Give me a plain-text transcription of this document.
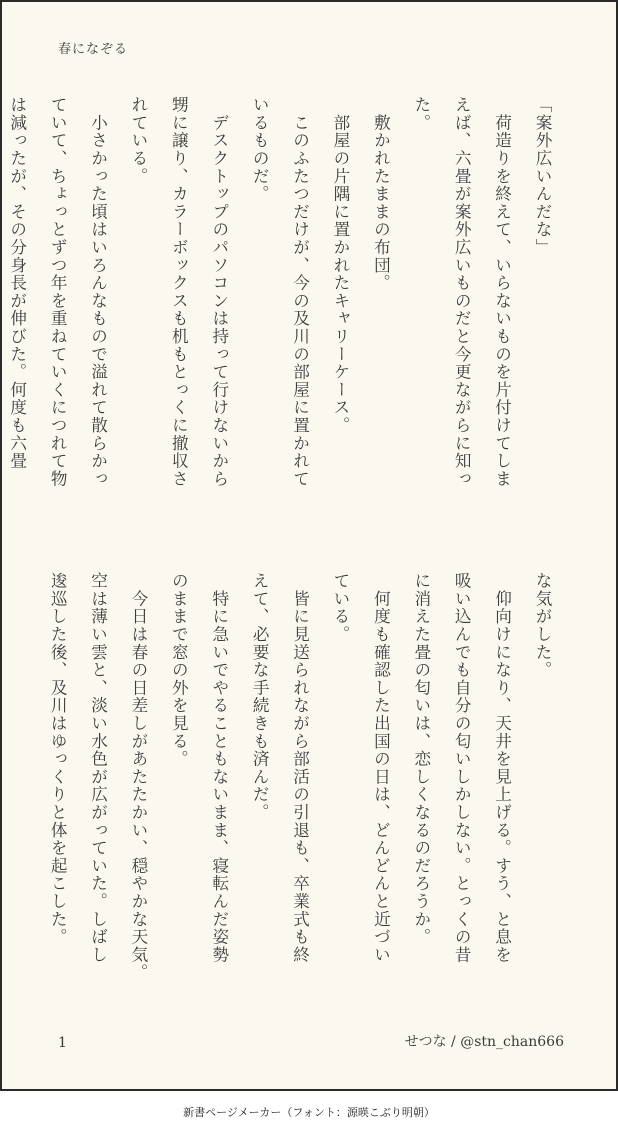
春になぞる
「案外広いんだな」
　荷造りを終えて、いらないものを片付けてしま
えば、六畳が案外広いものだと今更ながらに知っ
た。
　敷かれたままの布団。
　部屋の片隅に置かれたキャリーケース。
　このふたつだけが、今の及川の部屋に置かれて
いるものだ。
　デスクトップのパソコンは持って行けないから
甥に譲り、カラーボックスも机もとっくに撤収さ
れている。
　小さかった頃はいろんなもので溢れて散らかっ
ていて、ちょっとずつ年を重ねていくにつれて物
は減ったが、その分身長が伸びた。何度も六畳
な気がした。
　仰向けになり、天井を見上げる。すう、と息を
吸い込んでも自分の匂いしかしない。とっくの昔
に消えた畳の匂いは、恋しくなるのだろうか。
　何度も確認した出国の日は、どんどんと近づい
ている。
　皆に見送られながら部活の引退も、卒業式も終
えて、必要な手続きも済んだ。
　特に急いでやることもないまま、寝転んだ姿勢
のままで窓の外を見る。
　今日は春の日差しがあたたかい、穏やかな天気。
空は薄い雲と、淡い水色が広がっていた。しばし
逡巡した後、及川はゆっくりと体を起こした。
1	せつな / @stn_chan666
新書ページメーカー（フォント：源暎こぶり明朝）
